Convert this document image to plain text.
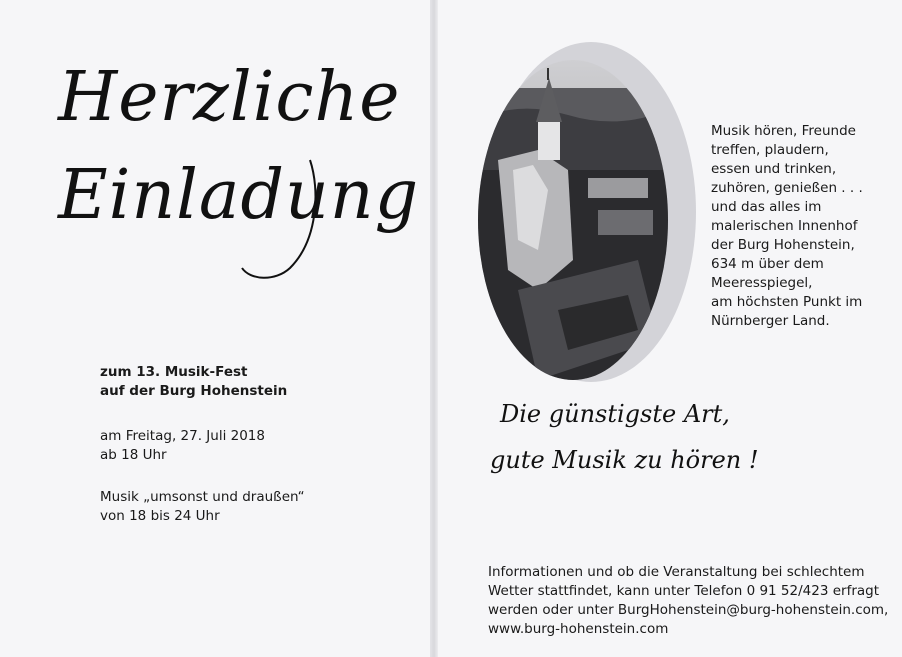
Herzliche
Einladung
zum 13. Musik-Fest
auf der Burg Hohenstein
am Freitag, 27. Juli 2018
ab 18 Uhr
Musik „umsonst und draußen“
von 18 bis 24 Uhr
Musik hören, Freunde
treffen, plaudern,
essen und trinken,
zuhören, genießen . . .
und das alles im
malerischen Innenhof
der Burg Hohenstein,
634 m über dem
Meeresspiegel,
am höchsten Punkt im
Nürnberger Land.
Die günstigste Art,
gute Musik zu hören !
Informationen und ob die Veranstaltung bei schlechtem
Wetter stattfindet, kann unter Telefon 0 91 52/423 erfragt
werden oder unter BurgHohenstein@burg-hohenstein.com,
www.burg-hohenstein.com
